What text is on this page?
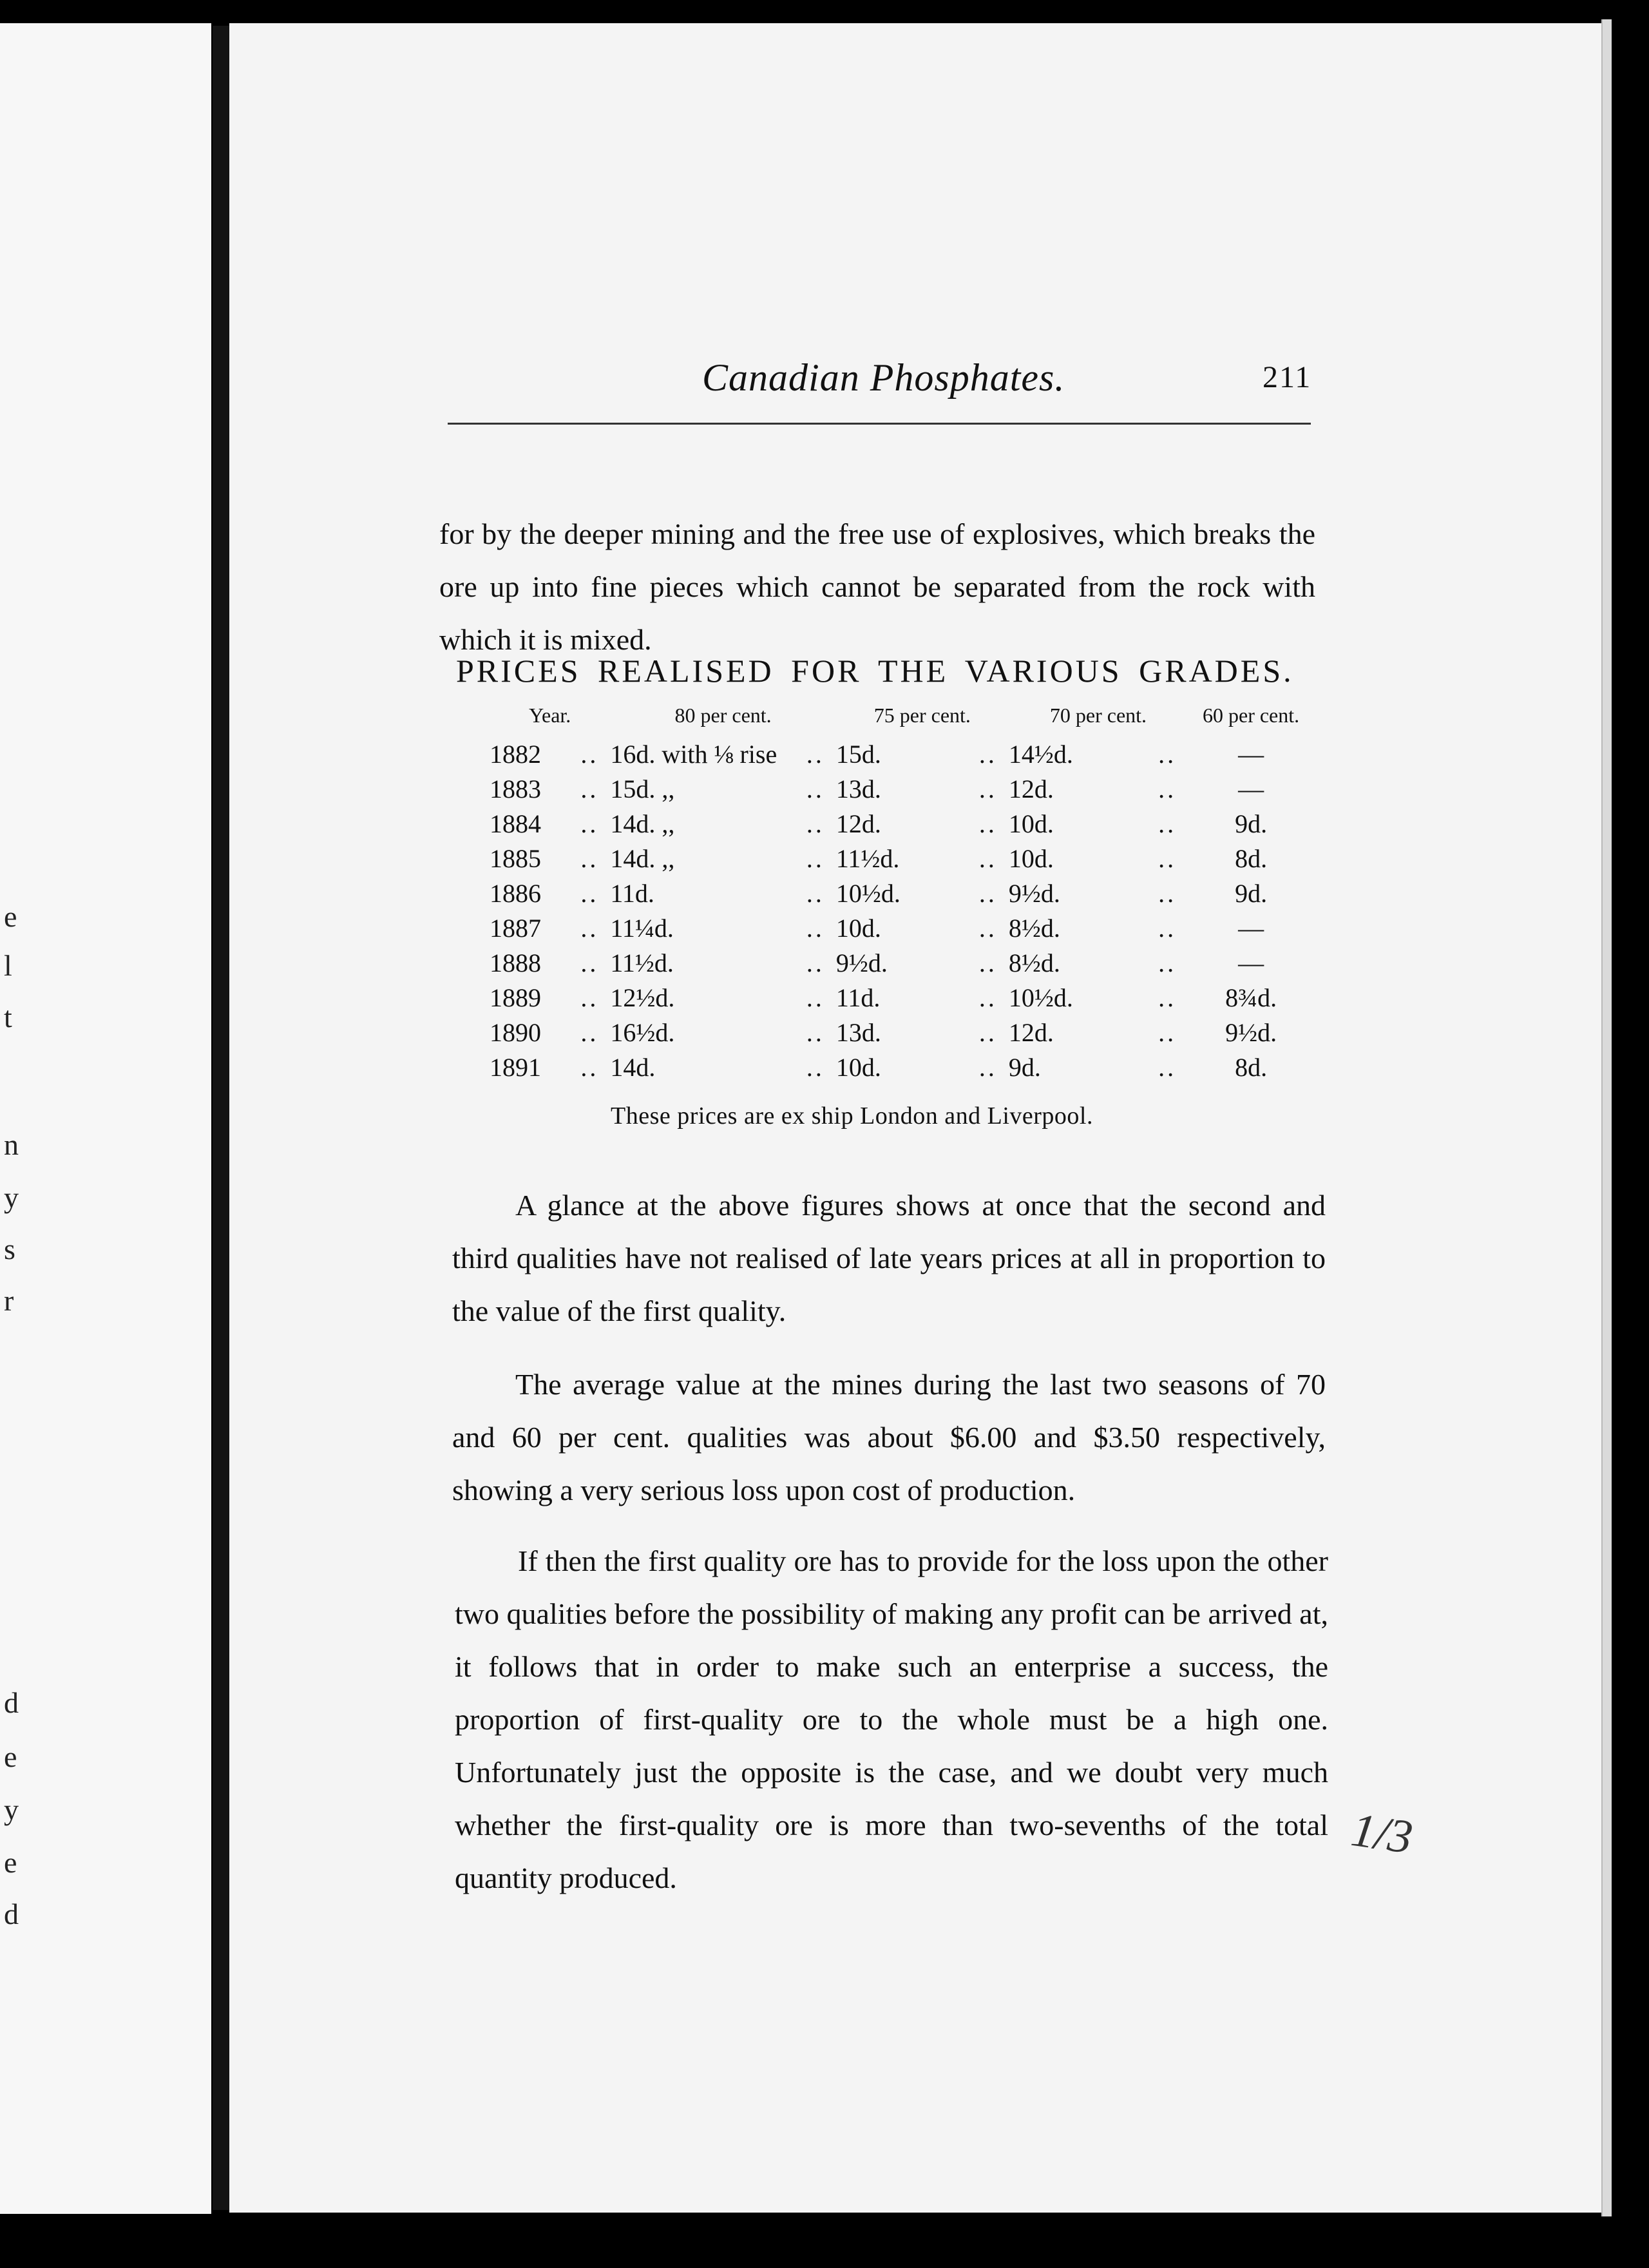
e
l
t
n
y
s
r
d
e
y
e
d
Canadian Phosphates.	211

for by the deeper mining and the free use of explosives, which breaks the ore up into fine pieces which cannot be separated from the rock with which it is mixed.

PRICES REALISED FOR THE VARIOUS GRADES.
Year.	80 per cent.	75 per cent.	70 per cent.	60 per cent.
1882 ..	16d. with ⅛ rise ..	15d. ..	14½d. ..	—
1883 ..	15d. ,, ..	13d. ..	12d. ..	—
1884 ..	14d. ,, ..	12d. ..	10d. ..	9d.
1885 ..	14d. ,, ..	11½d. ..	10d. ..	8d.
1886 ..	11d. ..	10½d. ..	9½d. ..	9d.
1887 ..	11¼d. ..	10d. ..	8½d. ..	—
1888 ..	11½d. ..	9½d. ..	8½d. ..	—
1889 ..	12½d. ..	11d. ..	10½d. ..	8¾d.
1890 ..	16½d. ..	13d. ..	12d. ..	9½d.
1891 ..	14d. ..	10d. ..	9d. ..	8d.
These prices are ex ship London and Liverpool.

A glance at the above figures shows at once that the second and third qualities have not realised of late years prices at all in proportion to the value of the first quality.

The average value at the mines during the last two seasons of 70 and 60 per cent. qualities was about $6.00 and $3.50 respectively, showing a very serious loss upon cost of production.

If then the first quality ore has to provide for the loss upon the other two qualities before the possibility of making any profit can be arrived at, it follows that in order to make such an enterprise a success, the proportion of first-quality ore to the whole must be a high one. Unfortunately just the opposite is the case, and we doubt very much whether the first-quality ore is more than two-sevenths of the total quantity produced.

1/3
